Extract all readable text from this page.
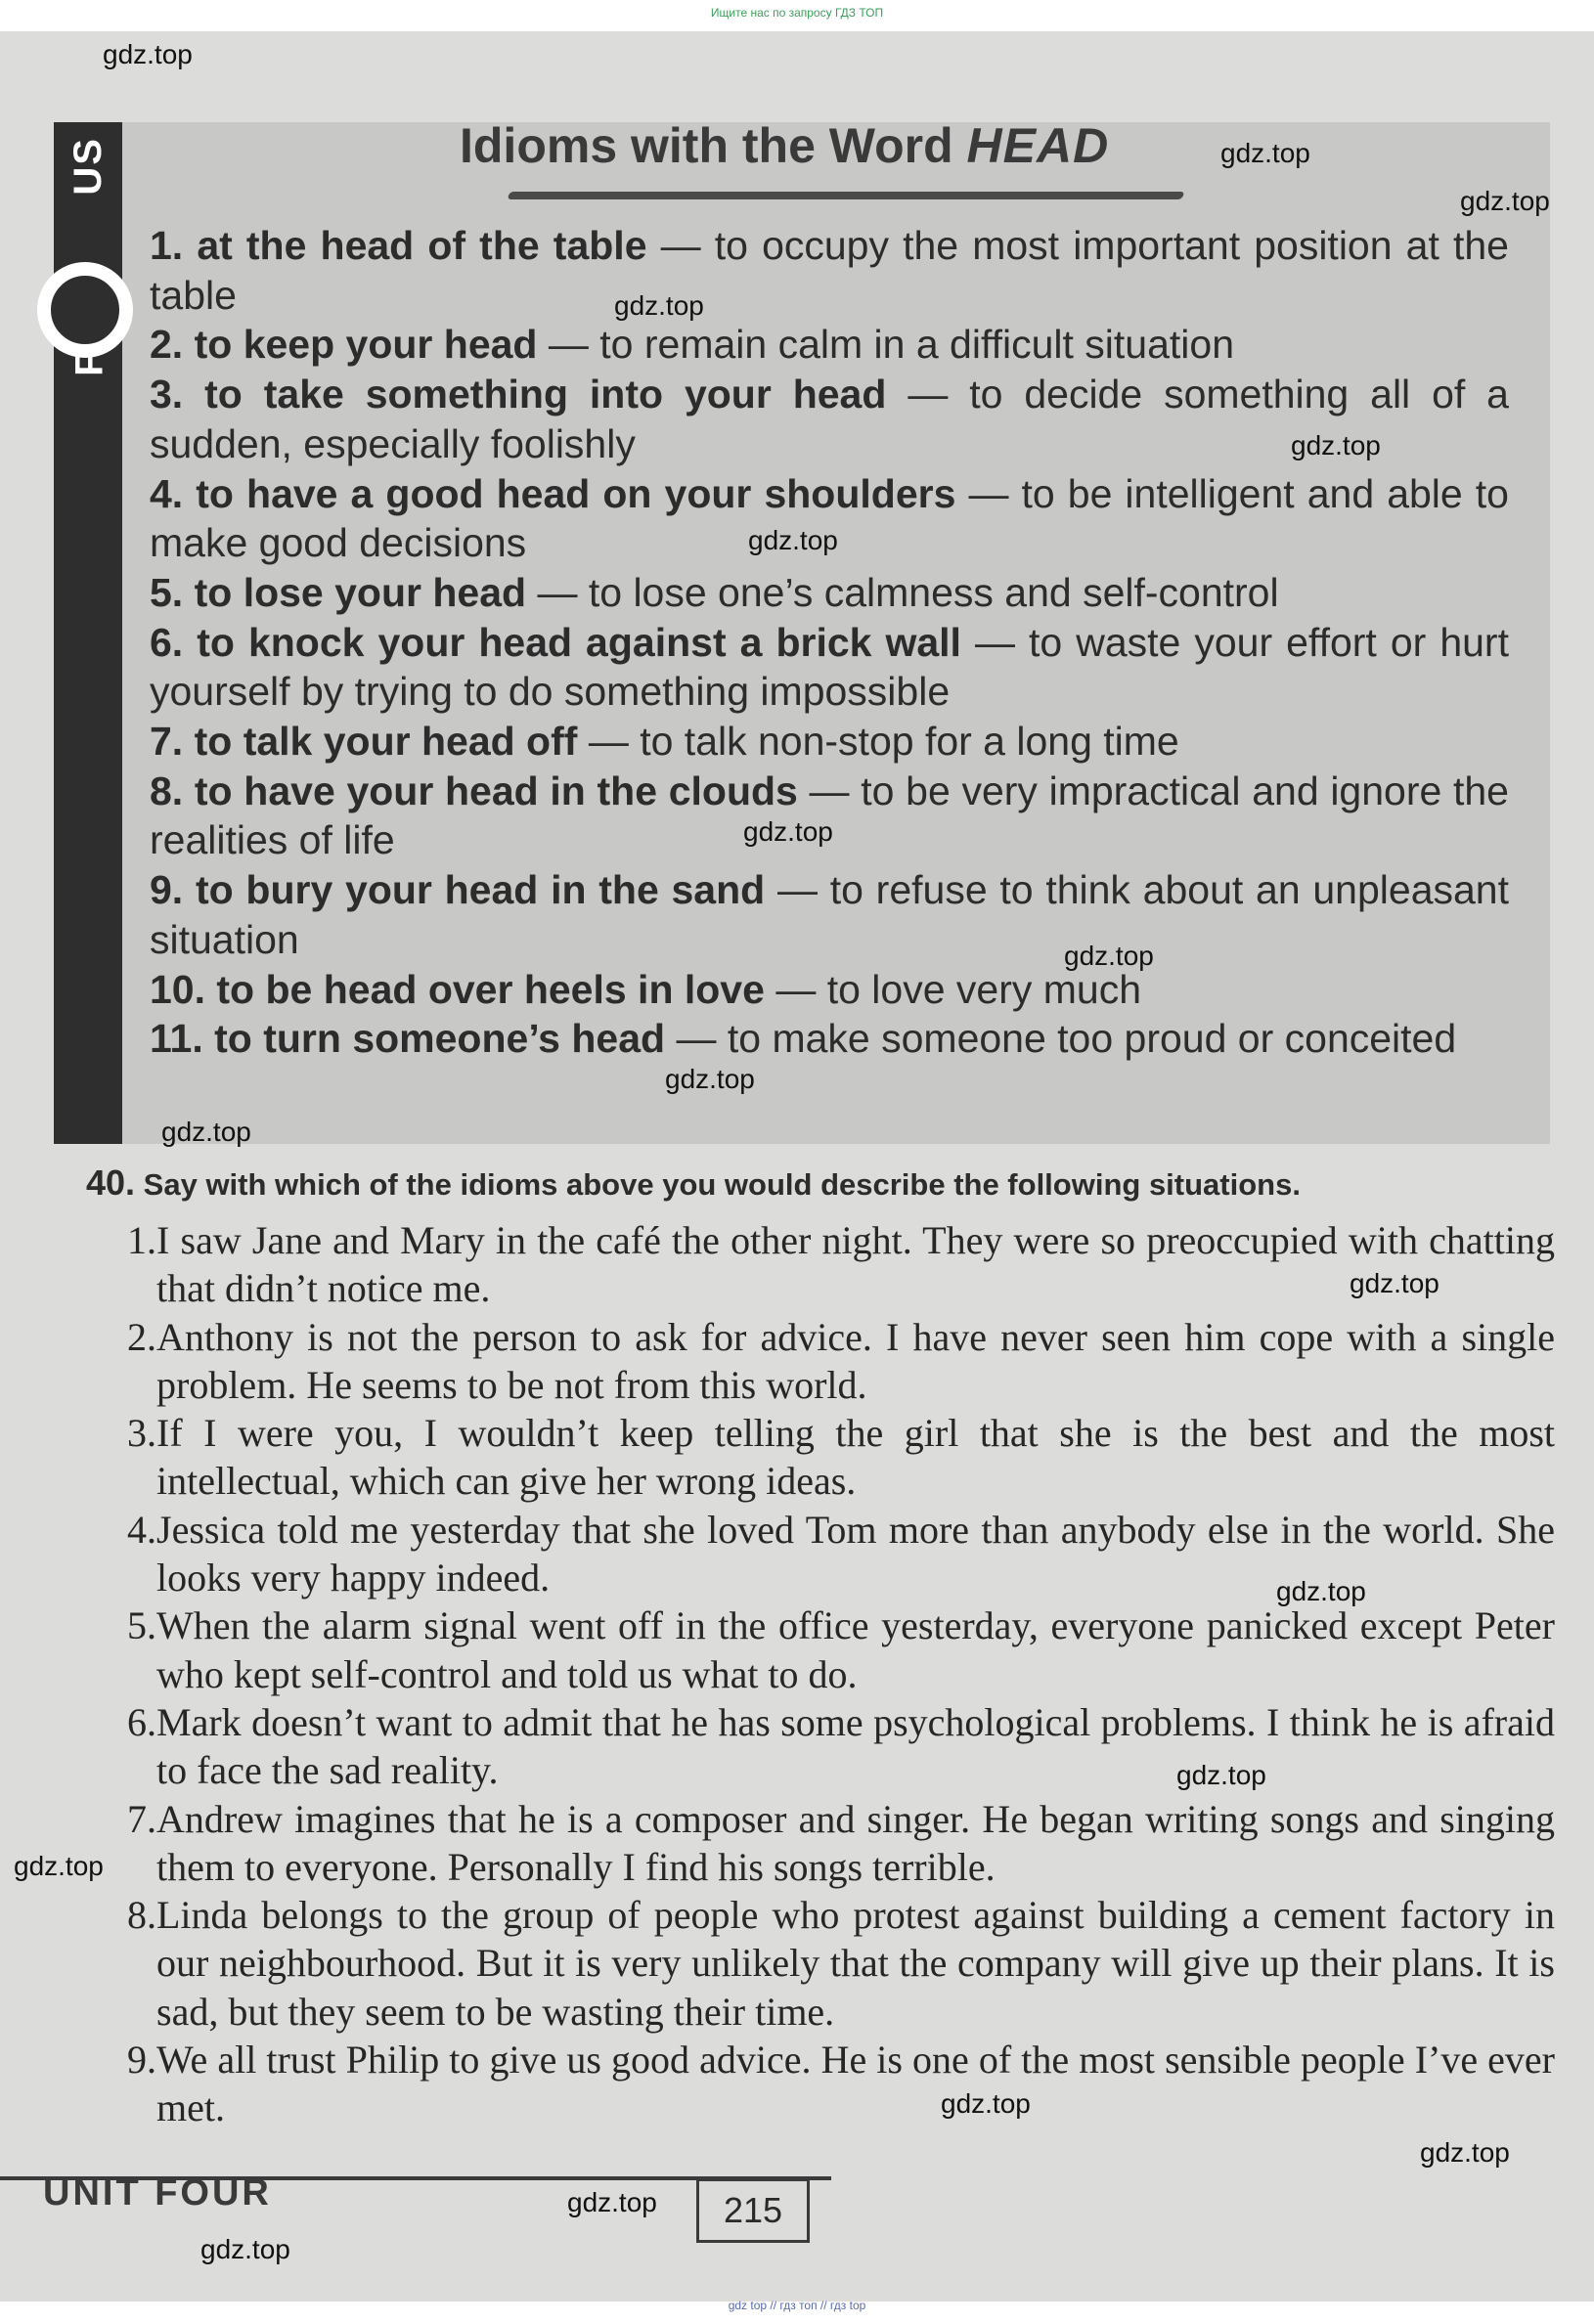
Ищите нас по запросу ГДЗ ТОП
US
F
Idioms with the Word HEAD

1. at the head of the table — to occupy the most important position at the table

2. to keep your head — to remain calm in a difficult situation

3. to take something into your head — to decide something all of a sudden, especially foolishly

4. to have a good head on your shoulders — to be intelligent and able to make good decisions

5. to lose your head — to lose one’s calmness and self-control

6. to knock your head against a brick wall — to waste your effort or hurt yourself by trying to do something impossible

7. to talk your head off — to talk non-stop for a long time

8. to have your head in the clouds — to be very impractical and ignore the realities of life

9. to bury your head in the sand — to refuse to think about an unpleasant situation

10. to be head over heels in love — to love very much

11. to turn someone’s head — to make someone too proud or conceited

40. Say with which of the idioms above you would describe the following situations.

1. I saw Jane and Mary in the café the other night. They were so preoccupied with chatting that didn’t notice me.

2. Anthony is not the person to ask for advice. I have never seen him cope with a single problem. He seems to be not from this world.

3. If I were you, I wouldn’t keep telling the girl that she is the best and the most intellectual, which can give her wrong ideas.

4. Jessica told me yesterday that she loved Tom more than anybody else in the world. She looks very happy indeed.

5. When the alarm signal went off in the office yesterday, everyone panicked except Peter who kept self-control and told us what to do.

6. Mark doesn’t want to admit that he has some psychological problems. I think he is afraid to face the sad reality.

7. Andrew imagines that he is a composer and singer. He began writing songs and singing them to everyone. Personally I find his songs terrible.

8. Linda belongs to the group of people who protest against building a cement factory in our neighbourhood. But it is very unlikely that the company will give up their plans. It is sad, but they seem to be wasting their time.

9. We all trust Philip to give us good advice. He is one of the most sensible people I’ve ever met.

UNIT FOUR	215
gdz.top
gdz.top
gdz.top
gdz.top
gdz.top
gdz.top
gdz.top
gdz.top
gdz.top
gdz.top
gdz.top
gdz.top
gdz.top
gdz.top
gdz.top
gdz.top
gdz.top
gdz.top
gdz top // гдз топ // гдз top
